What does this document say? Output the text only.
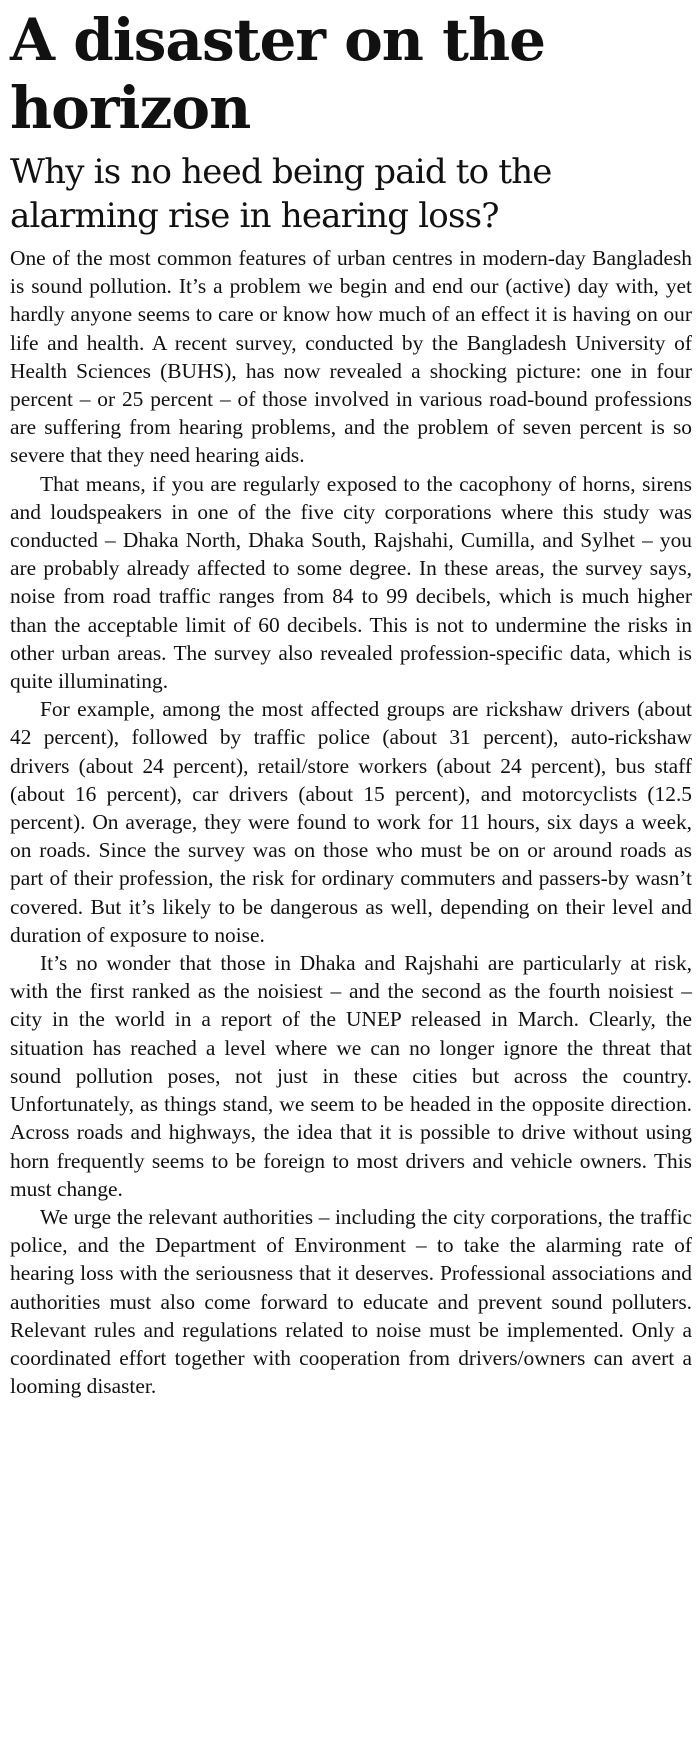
A disaster on the horizon
Why is no heed being paid to the alarming rise in hearing loss?

One of the most common features of urban centres in modern-day Bangladesh is sound pollution. It’s a problem we begin and end our (active) day with, yet hardly anyone seems to care or know how much of an effect it is having on our life and health. A recent survey, conducted by the Bangladesh University of Health Sciences (BUHS), has now revealed a shocking picture: one in four percent – or 25 percent – of those involved in various road-bound professions are suffering from hearing problems, and the problem of seven percent is so severe that they need hearing aids.

That means, if you are regularly exposed to the cacophony of horns, sirens and loudspeakers in one of the five city corporations where this study was conducted – Dhaka North, Dhaka South, Rajshahi, Cumilla, and Sylhet – you are probably already affected to some degree. In these areas, the survey says, noise from road traffic ranges from 84 to 99 decibels, which is much higher than the acceptable limit of 60 decibels. This is not to undermine the risks in other urban areas. The survey also revealed profession-specific data, which is quite illuminating.

For example, among the most affected groups are rickshaw drivers (about 42 percent), followed by traffic police (about 31 percent), auto-rickshaw drivers (about 24 percent), retail/store workers (about 24 percent), bus staff (about 16 percent), car drivers (about 15 percent), and motorcyclists (12.5 percent). On average, they were found to work for 11 hours, six days a week, on roads. Since the survey was on those who must be on or around roads as part of their profession, the risk for ordinary commuters and passers-by wasn’t covered. But it’s likely to be dangerous as well, depending on their level and duration of exposure to noise.

It’s no wonder that those in Dhaka and Rajshahi are particularly at risk, with the first ranked as the noisiest – and the second as the fourth noisiest – city in the world in a report of the UNEP released in March. Clearly, the situation has reached a level where we can no longer ignore the threat that sound pollution poses, not just in these cities but across the country. Unfortunately, as things stand, we seem to be headed in the opposite direction. Across roads and highways, the idea that it is possible to drive without using horn frequently seems to be foreign to most drivers and vehicle owners. This must change.

We urge the relevant authorities – including the city corporations, the traffic police, and the Department of Environment – to take the alarming rate of hearing loss with the seriousness that it deserves. Professional associations and authorities must also come forward to educate and prevent sound polluters. Relevant rules and regulations related to noise must be implemented. Only a coordinated effort together with cooperation from drivers/owners can avert a looming disaster.
